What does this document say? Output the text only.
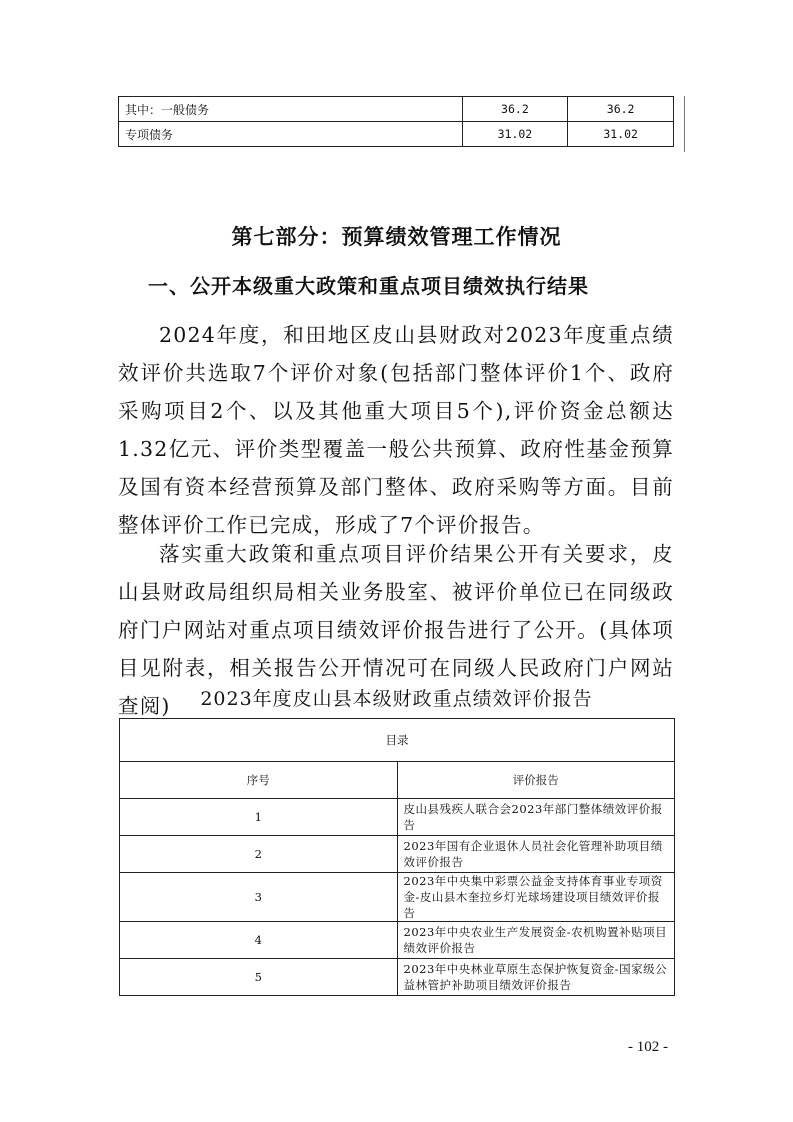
其中：一般债务	36.2	36.2
专项债务	31.02	31.02
第七部分：预算绩效管理工作情况
一、公开本级重大政策和重点项目绩效执行结果

2024年度，和田地区皮山县财政对2023年度重点绩效评价共选取7个评价对象(包括部门整体评价1个、政府采购项目2个、以及其他重大项目5个),评价资金总额达1.32亿元、评价类型覆盖一般公共预算、政府性基金预算及国有资本经营预算及部门整体、政府采购等方面。目前整体评价工作已完成，形成了7个评价报告。

落实重大政策和重点项目评价结果公开有关要求，皮山县财政局组织局相关业务股室、被评价单位已在同级政府门户网站对重点项目绩效评价报告进行了公开。(具体项目见附表，相关报告公开情况可在同级人民政府门户网站查阅)	2023年度皮山县本级财政重点绩效评价报告
目录	
序号	评价报告
1	皮山县残疾人联合会2023年部门整体绩效评价报告
2	2023年国有企业退休人员社会化管理补助项目绩效评价报告
3	2023年中央集中彩票公益金支持体育事业专项资金-皮山县木奎拉乡灯光球场建设项目绩效评价报告
4	2023年中央农业生产发展资金-农机购置补贴项目绩效评价报告
5	2023年中央林业草原生态保护恢复资金-国家级公益林管护补助项目绩效评价报告
- 102 -
